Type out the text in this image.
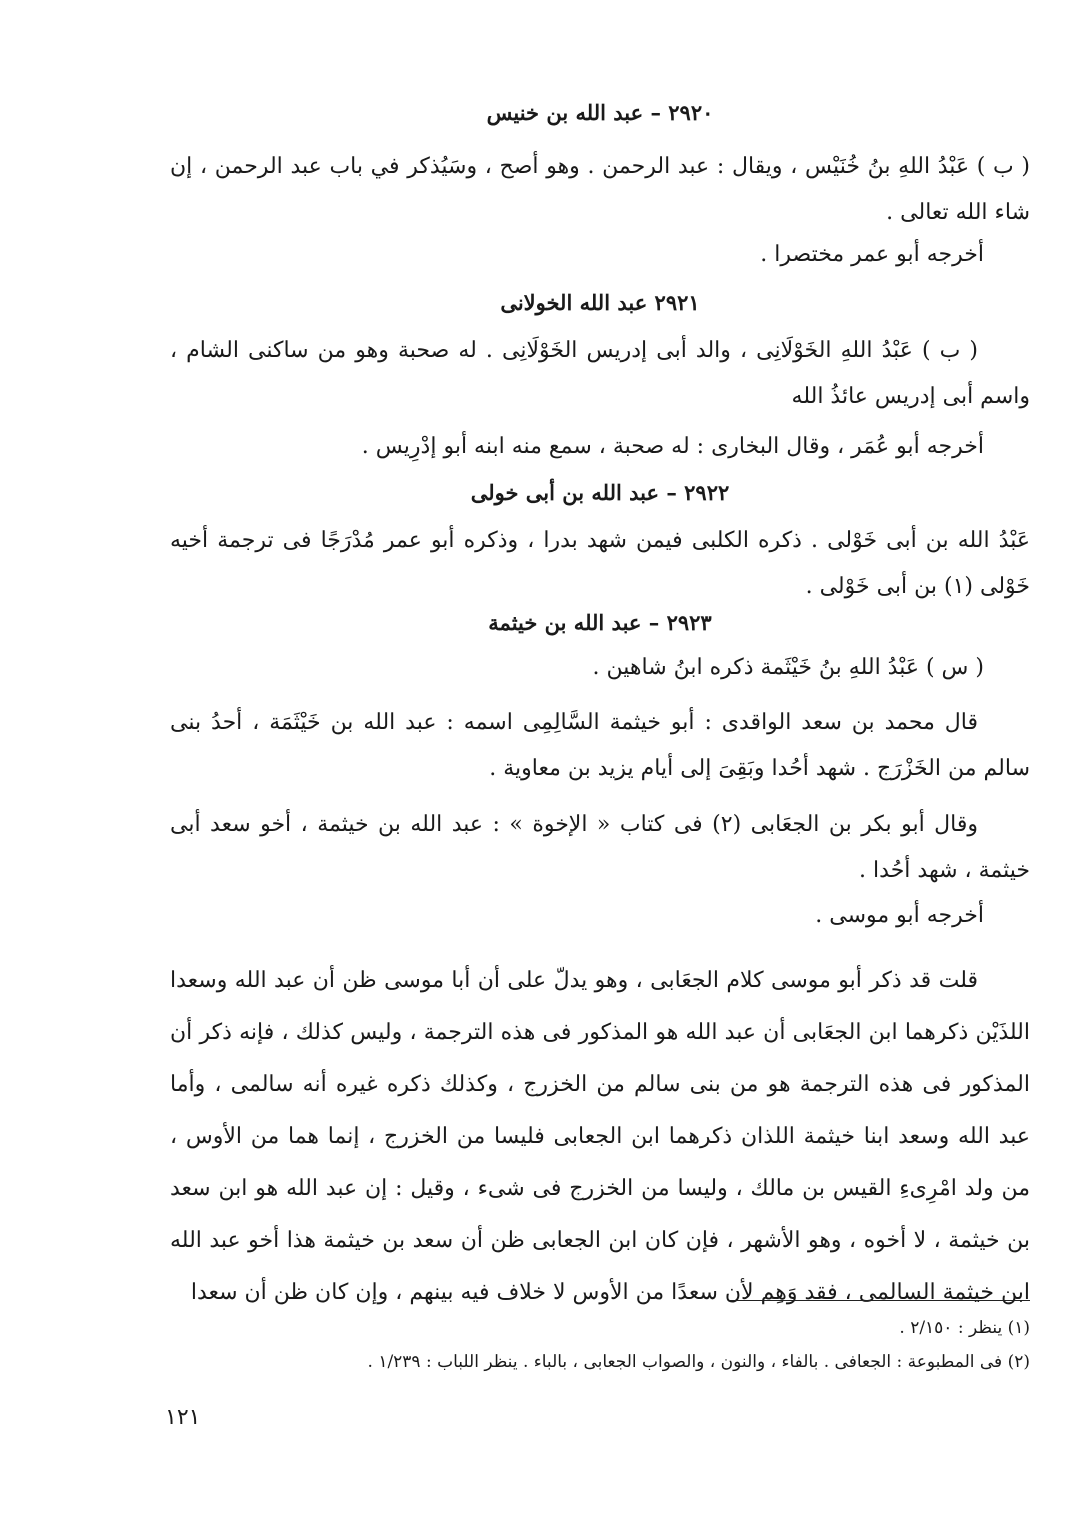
٢٩٢٠ – عبد الله بن خنيس
( ب ) عَبْدُ اللهِ بنُ خُنَيْس ، ويقال : عبد الرحمن . وهو أصح ، وسَيُذكر في باب عبد الرحمن ، إن شاء الله تعالى .
أخرجه أبو عمر مختصرا .
٢٩٢١ عبد الله الخولانى
( ب ) عَبْدُ اللهِ الخَوْلَانِى ، والد أبى إدريس الخَوْلَانِى . له صحبة وهو من ساكنى الشام ، واسم أبى إدريس عائذُ الله
أخرجه أبو عُمَر ، وقال البخارى : له صحبة ، سمع منه ابنه أبو إدْرِيس .
٢٩٢٢ – عبد الله بن أبى خولى
عَبْدُ الله بن أبى خَوْلى . ذكره الكلبى فيمن شهد بدرا ، وذكره أبو عمر مُدْرَجًا فى ترجمة أخيه خَوْلى (١) بن أبى خَوْلى .
٢٩٢٣ – عبد الله بن خيثمة
( س ) عَبْدُ اللهِ بنُ خَيْثَمة ذكره ابنُ شاهين .
قال محمد بن سعد الواقدى : أبو خيثمة السَّالِمِى اسمه : عبد الله بن خَيْثَمَة ، أحدُ بنى سالم من الخَزْرَج . شهد أحُدا وبَقِىَ إلى أيام يزيد بن معاوية .
وقال أبو بكر بن الجعَابى (٢) فى كتاب « الإخوة » : عبد الله بن خيثمة ، أخو سعد أبى خيثمة ، شهد أحُدا .
أخرجه أبو موسى .
قلت قد ذكر أبو موسى كلام الجعَابى ، وهو يدلّ على أن أبا موسى ظن أن عبد الله وسعدا اللذَيْن ذكرهما ابن الجعَابى أن عبد الله هو المذكور فى هذه الترجمة ، وليس كذلك ، فإنه ذكر أن المذكور فى هذه الترجمة هو من بنى سالم من الخزرج ، وكذلك ذكره غيره أنه سالمى ، وأما عبد الله وسعد ابنا خيثمة اللذان ذكرهما ابن الجعابى فليسا من الخزرج ، إنما هما من الأوس ، من ولد امْرِىءِ القيس بن مالك ، وليسا من الخزرج فى شىء ، وقيل : إن عبد الله هو ابن سعد بن خيثمة ، لا أخوه ، وهو الأشهر ، فإن كان ابن الجعابى ظن أن سعد بن خيثمة هذا أخو عبد الله ابن خيثمة السالمى ، فقد وَهِم لأن سعدًا من الأوس لا خلاف فيه بينهم ، وإن كان ظن أن سعدا
(١) ينظر : ٢/١٥٠ .
(٢) فى المطبوعة : الجعافى . بالفاء ، والنون ، والصواب الجعابى ، بالباء . ينظر اللباب : ١/٢٣٩ .
١٢١
